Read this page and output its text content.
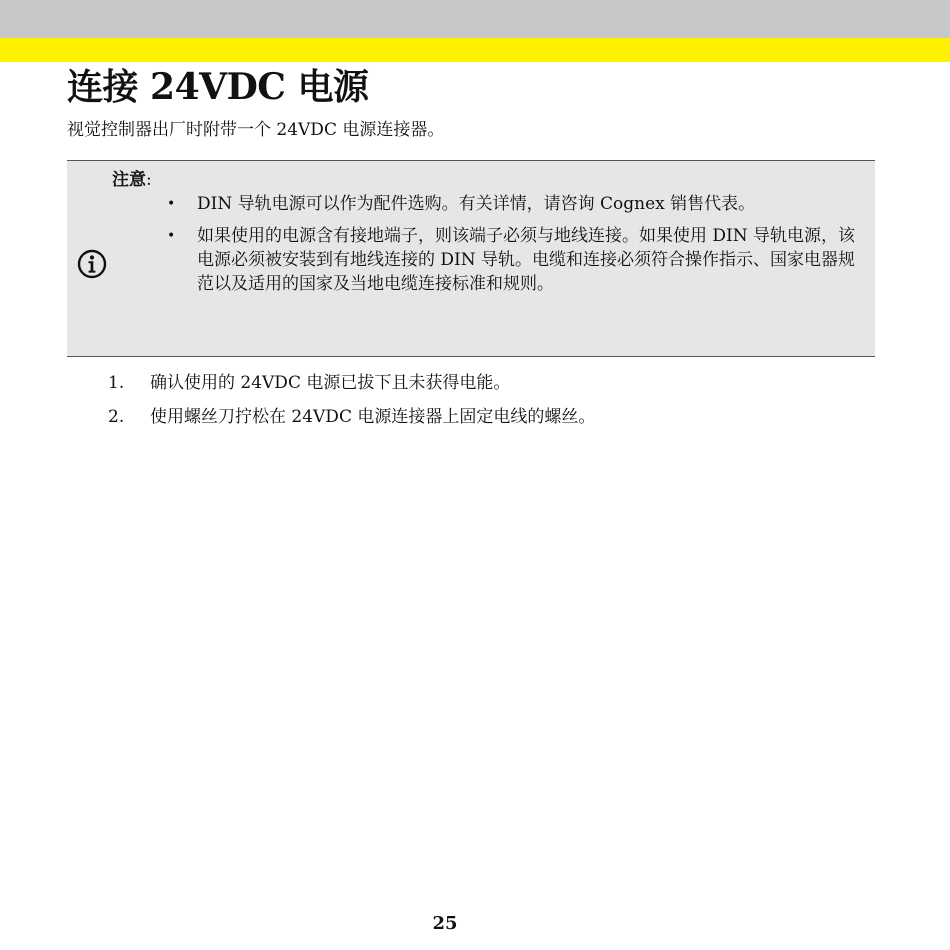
连接 24VDC 电源
视觉控制器出厂时附带一个 24VDC 电源连接器。
注意:
• DIN 导轨电源可以作为配件选购。有关详情，请咨询 Cognex 销售代表。
• 如果使用的电源含有接地端子，则该端子必须与地线连接。如果使用 DIN 导轨电源，该电源必须被安装到有地线连接的 DIN 导轨。电缆和连接必须符合操作指示、国家电器规范以及适用的国家及当地电缆连接标准和规则。
1. 确认使用的 24VDC 电源已拔下且未获得电能。
2. 使用螺丝刀拧松在 24VDC 电源连接器上固定电线的螺丝。
25
